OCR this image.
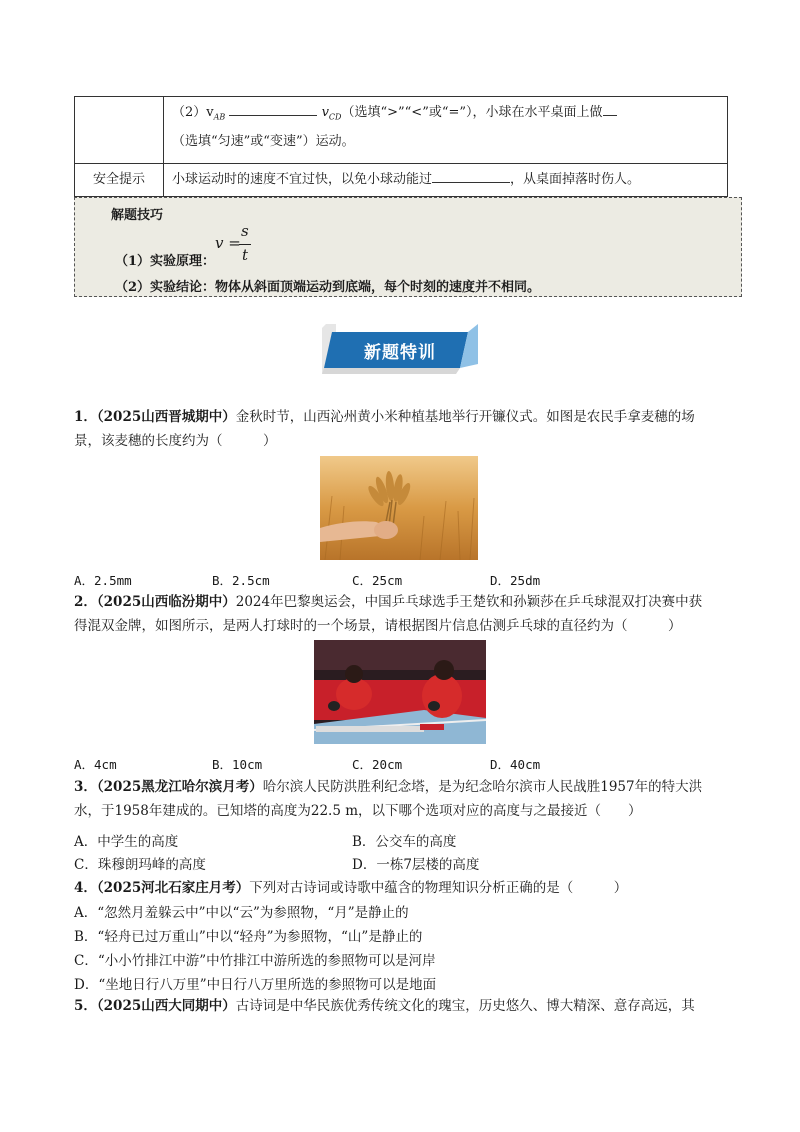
	$(2)v_{AB}$ $v_{CD}$（选填“>”“<”或“=”），小球在水平桌面上做
（选填“匀速”或“变速”）运动。
安全提示	小球运动时的速度不宜过快，以免小球动能过 ，从桌面掉落时伤人。
解题技巧
v =
s
t
（1）实验原理：
（2）实验结论：物体从斜面顶端运动到底端，每个时刻的速度并不相同。
新题特训
1．（2025山西晋城期中）金秋时节，山西沁州黄小米种植基地举行开镰仪式。如图是农民手拿麦穗的场
景，该麦穗的长度约为（　　　）
A．2.5mm	B．2.5cm	C．25cm	D．25dm
2．（2025山西临汾期中）2024年巴黎奥运会，中国乒乓球选手王楚钦和孙颖莎在乒乓球混双打决赛中获
得混双金牌，如图所示，是两人打球时的一个场景，请根据图片信息估测乒乓球的直径约为（　　　）
A．4cm	B．10cm	C．20cm	D．40cm
3．（2025黑龙江哈尔滨月考）哈尔滨人民防洪胜利纪念塔，是为纪念哈尔滨市人民战胜1957年的特大洪
水，于1958年建成的。已知塔的高度为22.5 m，以下哪个选项对应的高度与之最接近（　　）
A．中学生的高度	B．公交车的高度
C．珠穆朗玛峰的高度	D．一栋7层楼的高度
4．（2025河北石家庄月考）下列对古诗词或诗歌中蕴含的物理知识分析正确的是（　　　）
A．“忽然月羞躲云中”中以“云”为参照物，“月”是静止的
B．“轻舟已过万重山”中以“轻舟”为参照物，“山”是静止的
C．“小小竹排江中游”中竹排江中游所选的参照物可以是河岸
D．“坐地日行八万里”中日行八万里所选的参照物可以是地面
5．（2025山西大同期中）古诗词是中华民族优秀传统文化的瑰宝，历史悠久、博大精深、意存高远，其
